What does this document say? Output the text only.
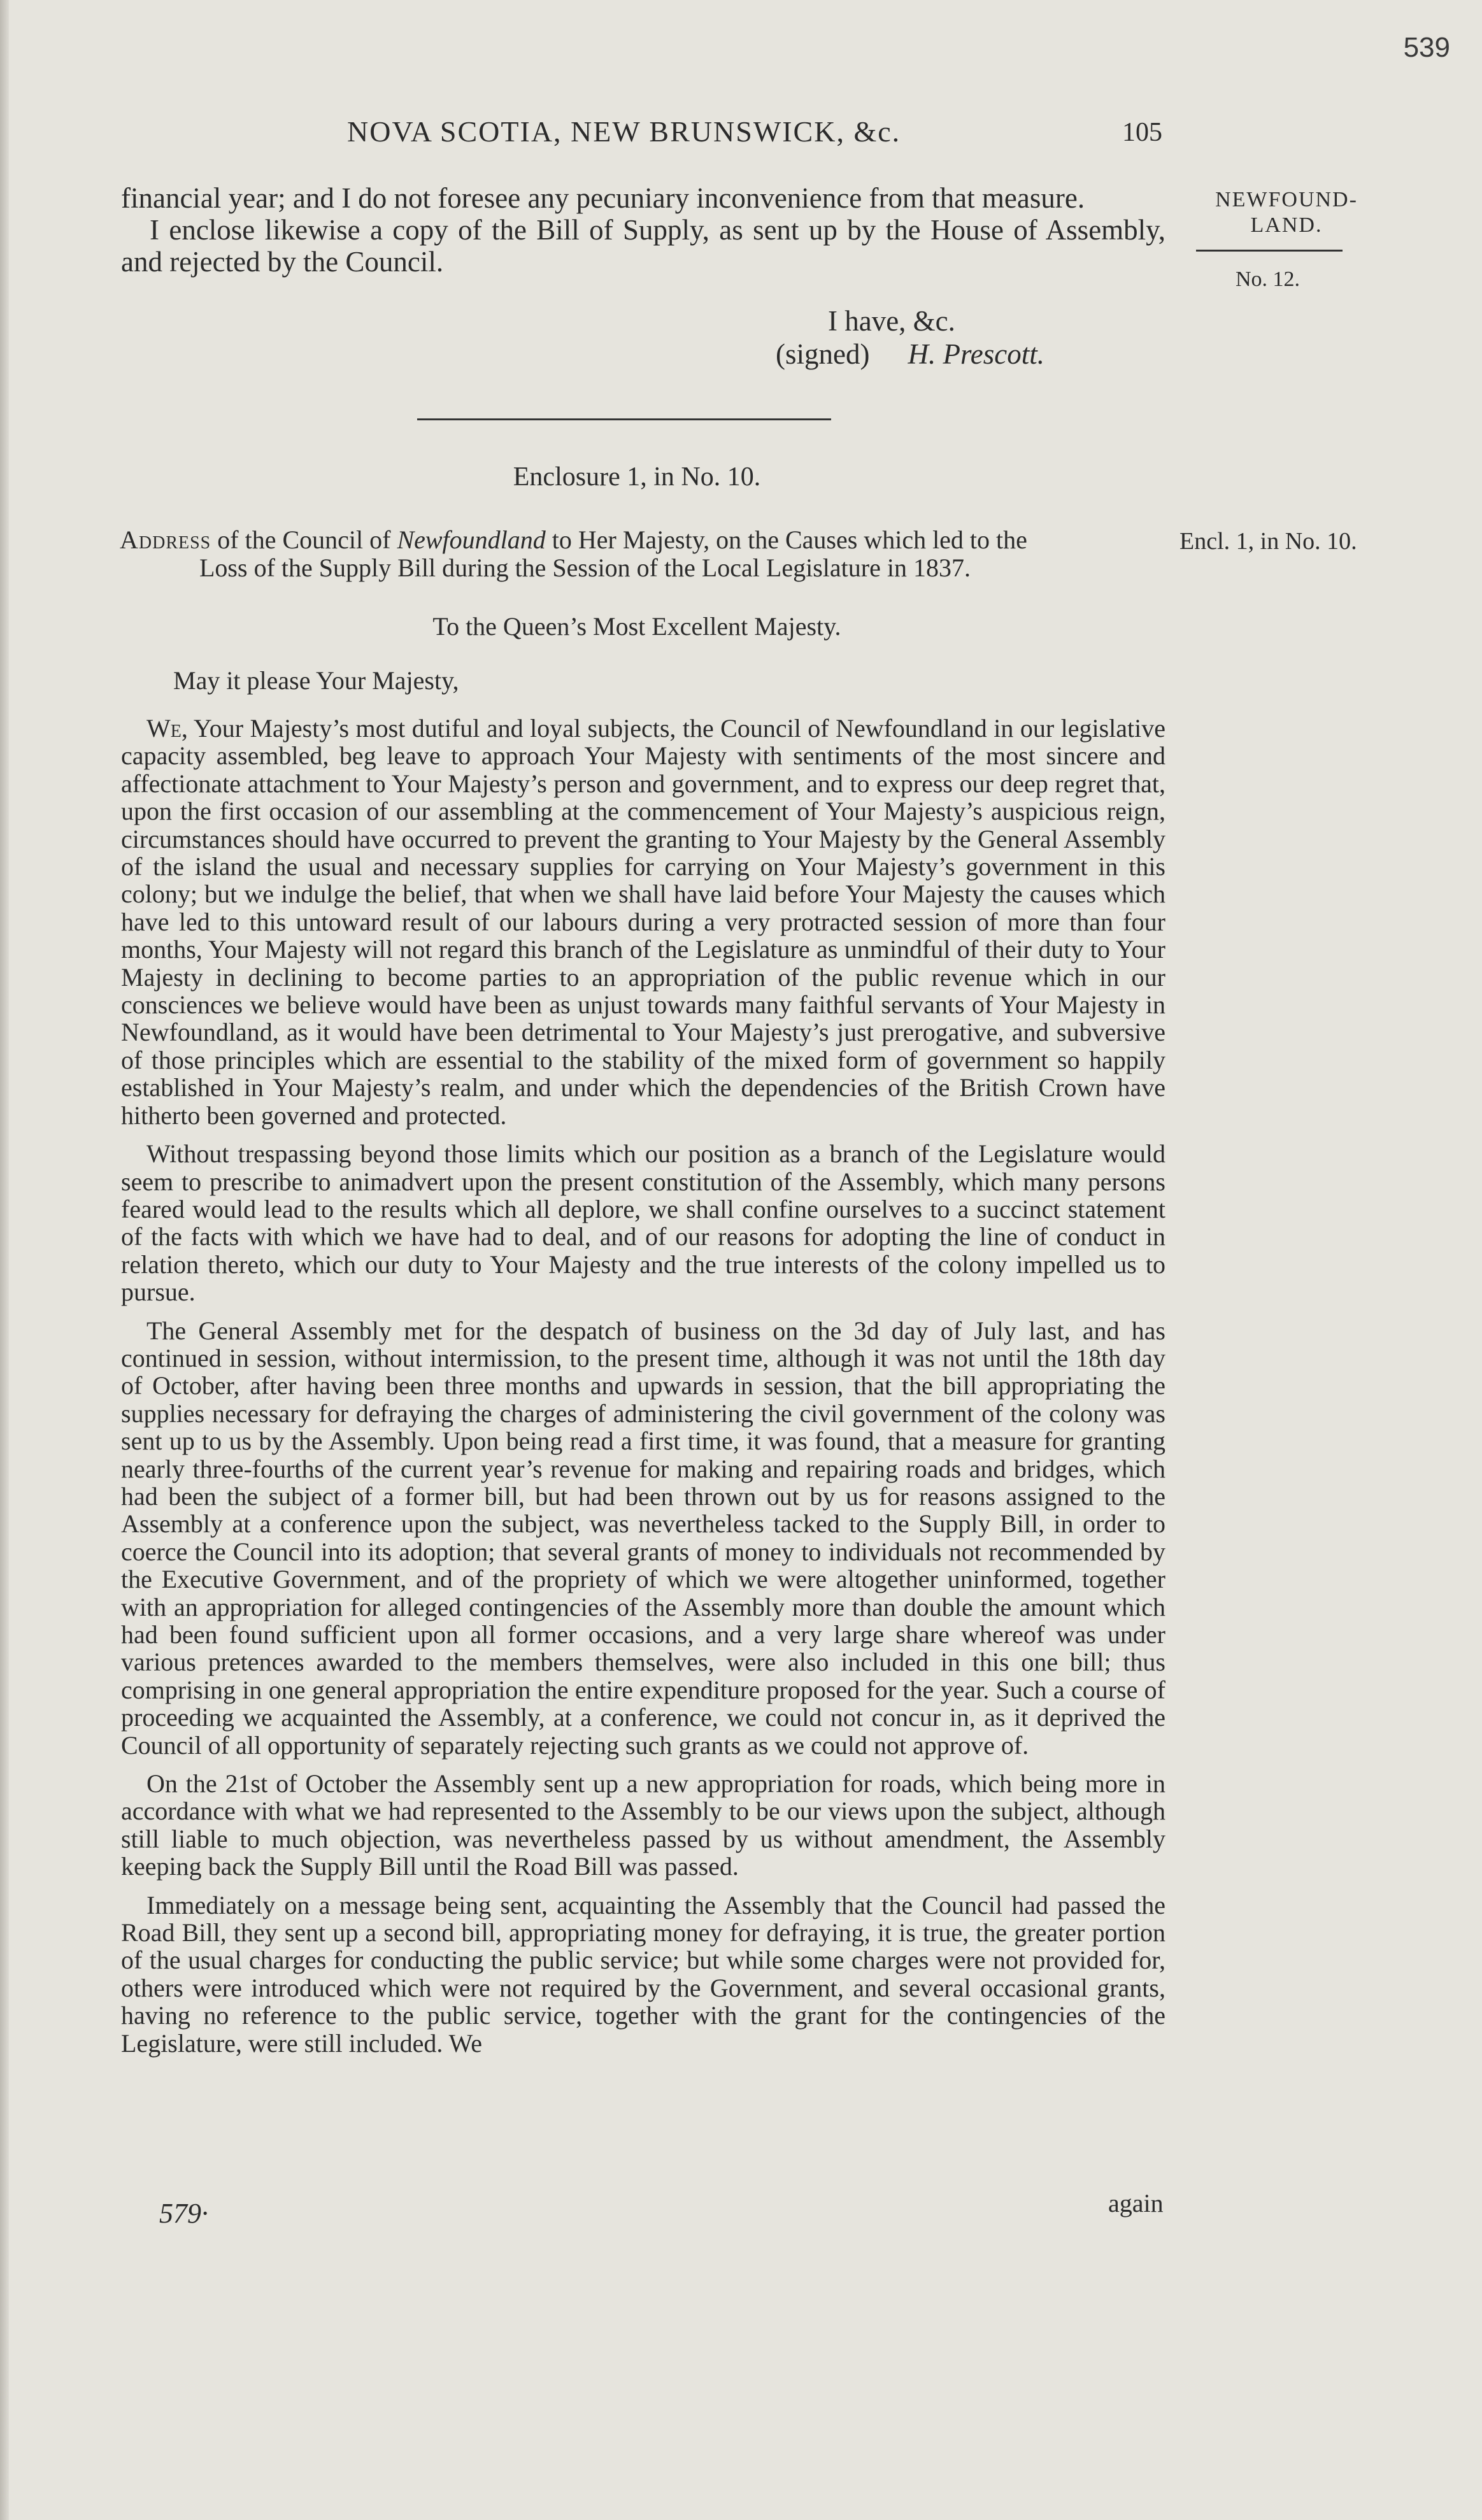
539
NOVA SCOTIA, NEW BRUNSWICK, &c.	105
NEWFOUND-LAND.
No. 12.
Encl. 1, in No. 10.

financial year; and I do not foresee any pecuniary inconvenience from that measure.

I enclose likewise a copy of the Bill of Supply, as sent up by the House of Assembly, and rejected by the Council.

I have, &c.
(signed) H. Prescott.
Enclosure 1, in No. 10.
Address of the Council of Newfoundland to Her Majesty, on the Causes which led to the
Loss of the Supply Bill during the Session of the Local Legislature in 1837.
To the Queen’s Most Excellent Majesty.
May it please Your Majesty,

We, Your Majesty’s most dutiful and loyal subjects, the Council of Newfoundland in our legislative capacity assembled, beg leave to approach Your Majesty with sentiments of the most sincere and affectionate attachment to Your Majesty’s person and government, and to express our deep regret that, upon the first occasion of our assembling at the commencement of Your Majesty’s auspicious reign, circumstances should have occurred to prevent the granting to Your Majesty by the General Assembly of the island the usual and necessary supplies for carrying on Your Majesty’s government in this colony; but we indulge the belief, that when we shall have laid before Your Majesty the causes which have led to this untoward result of our labours during a very protracted session of more than four months, Your Majesty will not regard this branch of the Legislature as unmindful of their duty to Your Majesty in declining to become parties to an appropriation of the public revenue which in our consciences we believe would have been as unjust towards many faithful servants of Your Majesty in Newfoundland, as it would have been detrimental to Your Majesty’s just prerogative, and subversive of those principles which are essential to the stability of the mixed form of government so happily established in Your Majesty’s realm, and under which the dependencies of the British Crown have hitherto been governed and protected.

Without trespassing beyond those limits which our position as a branch of the Legislature would seem to prescribe to animadvert upon the present constitution of the Assembly, which many persons feared would lead to the results which all deplore, we shall confine ourselves to a succinct statement of the facts with which we have had to deal, and of our reasons for adopting the line of conduct in relation thereto, which our duty to Your Majesty and the true interests of the colony impelled us to pursue.

The General Assembly met for the despatch of business on the 3d day of July last, and has continued in session, without intermission, to the present time, although it was not until the 18th day of October, after having been three months and upwards in session, that the bill appropriating the supplies necessary for defraying the charges of administering the civil government of the colony was sent up to us by the Assembly. Upon being read a first time, it was found, that a measure for granting nearly three-fourths of the current year’s revenue for making and repairing roads and bridges, which had been the subject of a former bill, but had been thrown out by us for reasons assigned to the Assembly at a conference upon the subject, was nevertheless tacked to the Supply Bill, in order to coerce the Council into its adoption; that several grants of money to individuals not recommended by the Executive Government, and of the propriety of which we were altogether uninformed, together with an appropriation for alleged contingencies of the Assembly more than double the amount which had been found sufficient upon all former occasions, and a very large share whereof was under various pretences awarded to the members themselves, were also included in this one bill; thus comprising in one general appropriation the entire expenditure proposed for the year. Such a course of proceeding we acquainted the Assembly, at a conference, we could not concur in, as it deprived the Council of all opportunity of separately rejecting such grants as we could not approve of.

On the 21st of October the Assembly sent up a new appropriation for roads, which being more in accordance with what we had represented to the Assembly to be our views upon the subject, although still liable to much objection, was nevertheless passed by us without amendment, the Assembly keeping back the Supply Bill until the Road Bill was passed.

Immediately on a message being sent, acquainting the Assembly that the Council had passed the Road Bill, they sent up a second bill, appropriating money for defraying, it is true, the greater portion of the usual charges for conducting the public service; but while some charges were not provided for, others were introduced which were not required by the Government, and several occasional grants, having no reference to the public service, together with the grant for the contingencies of the Legislature, were still included. We

579·	again
